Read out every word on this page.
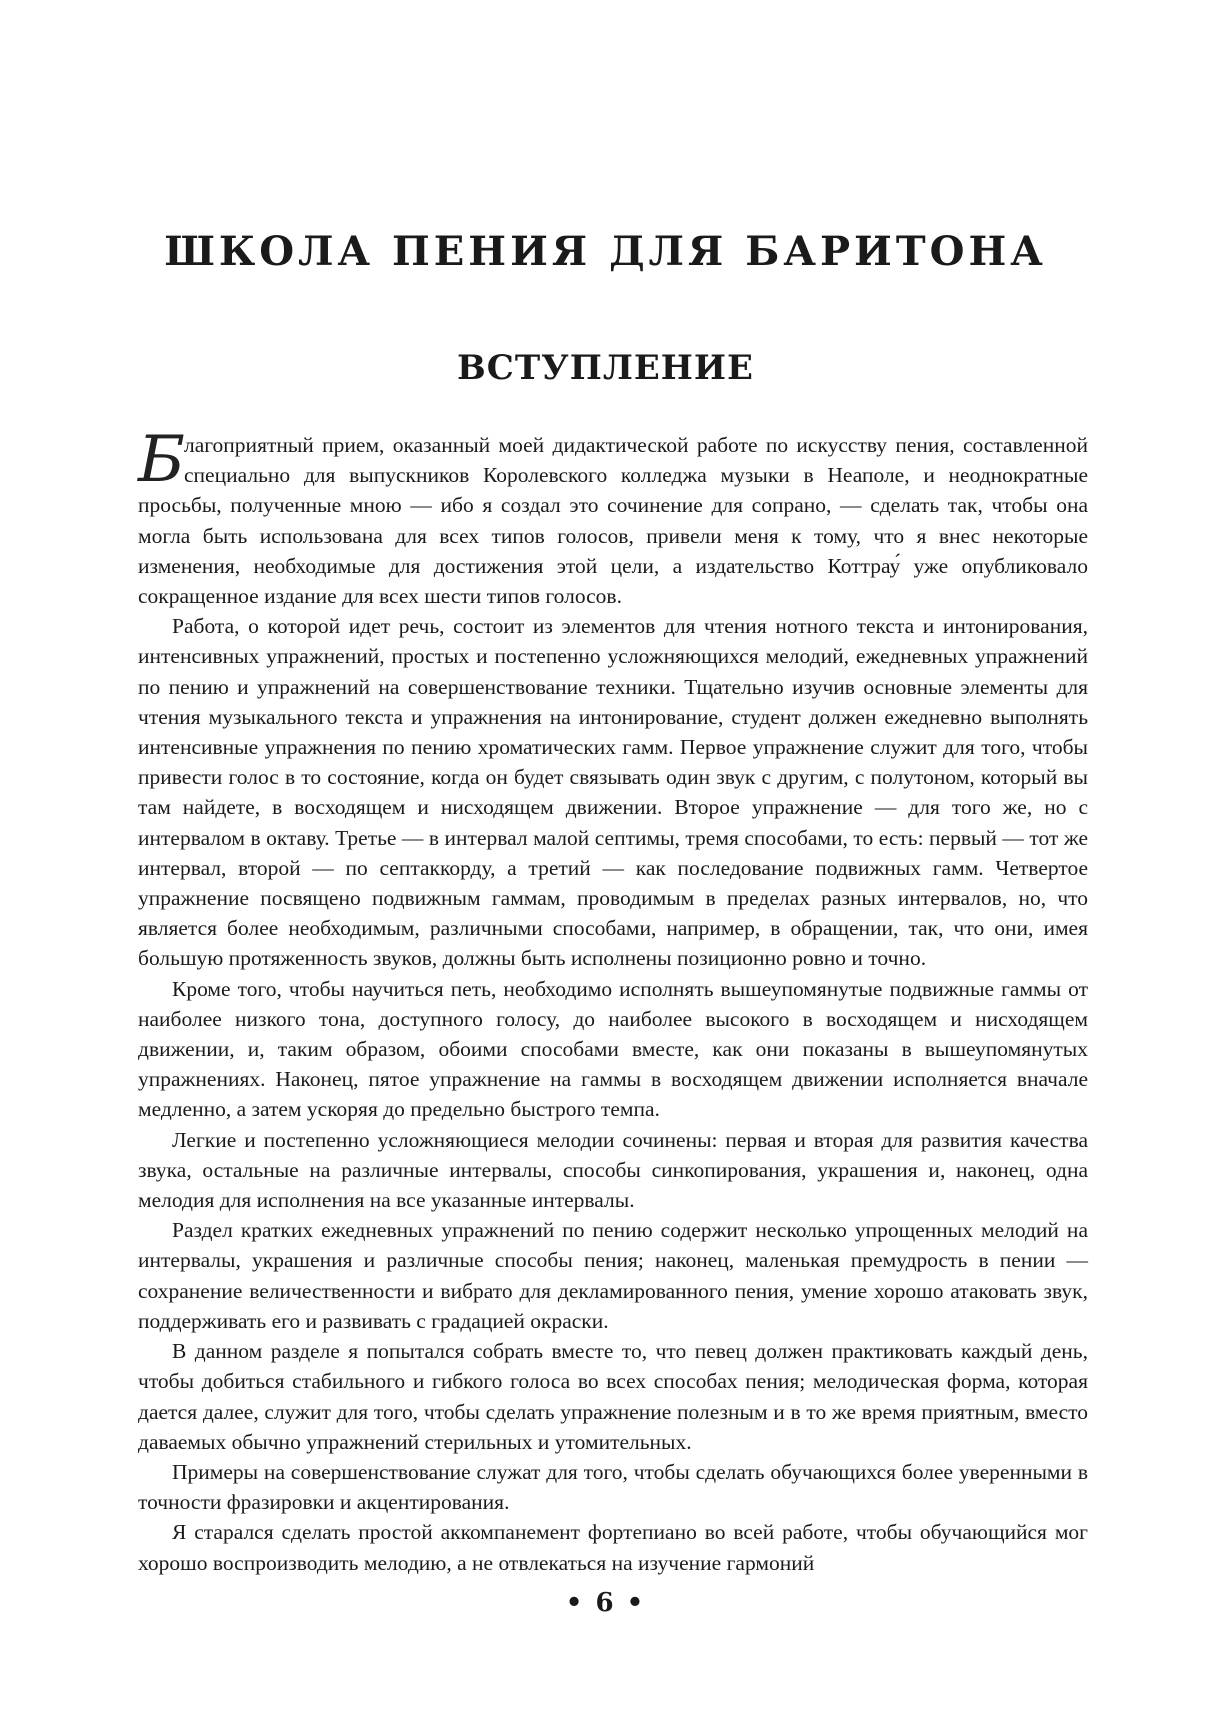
ШКОЛА ПЕНИЯ ДЛЯ БАРИТОНА
ВСТУПЛЕНИЕ

Б
лагоприятный прием, оказанный моей дидактической работе по искусству пения, составленной специально для выпускников Королевского колледжа музыки в Неаполе, и неоднократные просьбы, полученные мною — ибо я создал это сочинение для сопрано, — сделать так, чтобы она могла быть использована для всех типов голосов, привели меня к тому, что я внес некоторые изменения, необходимые для достижения этой цели, а издательство Коттрау́ уже опубликовало сокращенное издание для всех шести типов голосов.

Работа, о которой идет речь, состоит из элементов для чтения нотного текста и интонирования, интенсивных упражнений, простых и постепенно усложняющихся мелодий, ежедневных упражнений по пению и упражнений на совершенствование техники. Тщательно изучив основные элементы для чтения музыкального текста и упражнения на интонирование, студент должен ежедневно выполнять интенсивные упражнения по пению хроматических гамм. Первое упражнение служит для того, чтобы привести голос в то состояние, когда он будет связывать один звук с другим, с полутоном, который вы там найдете, в восходящем и нисходящем движении. Второе упражнение — для того же, но с интервалом в октаву. Третье — в интервал малой септимы, тремя способами, то есть: первый — тот же интервал, второй — по септаккорду, а третий — как последование подвижных гамм. Четвертое упражнение посвящено подвижным гаммам, проводимым в пределах разных интервалов, но, что является более необходимым, различными способами, например, в обращении, так, что они, имея большую протяженность звуков, должны быть исполнены позиционно ровно и точно.

Кроме того, чтобы научиться петь, необходимо исполнять вышеупомянутые подвижные гаммы от наиболее низкого тона, доступного голосу, до наиболее высокого в восходящем и нисходящем движении, и, таким образом, обоими способами вместе, как они показаны в вышеупомянутых упражнениях. Наконец, пятое упражнение на гаммы в восходящем движении исполняется вначале медленно, а затем ускоряя до предельно быстрого темпа.

Легкие и постепенно усложняющиеся мелодии сочинены: первая и вторая для развития качества звука, остальные на различные интервалы, способы синкопирования, украшения и, наконец, одна мелодия для исполнения на все указанные интервалы.

Раздел кратких ежедневных упражнений по пению содержит несколько упрощенных мелодий на интервалы, украшения и различные способы пения; наконец, маленькая премудрость в пении — сохранение величественности и вибрато для декламированного пения, умение хорошо атаковать звук, поддерживать его и развивать с градацией окраски.

В данном разделе я попытался собрать вместе то, что певец должен практиковать каждый день, чтобы добиться стабильного и гибкого голоса во всех способах пения; мелодическая форма, которая дается далее, служит для того, чтобы сделать упражнение полезным и в то же время приятным, вместо даваемых обычно упражнений стерильных и утомительных.

Примеры на совершенствование служат для того, чтобы сделать обучающихся более уверенными в точности фразировки и акцентирования.

Я старался сделать простой аккомпанемент фортепиано во всей работе, чтобы обучающийся мог хорошо воспроизводить мелодию, а не отвлекаться на изучение гармоний

• 6 •
